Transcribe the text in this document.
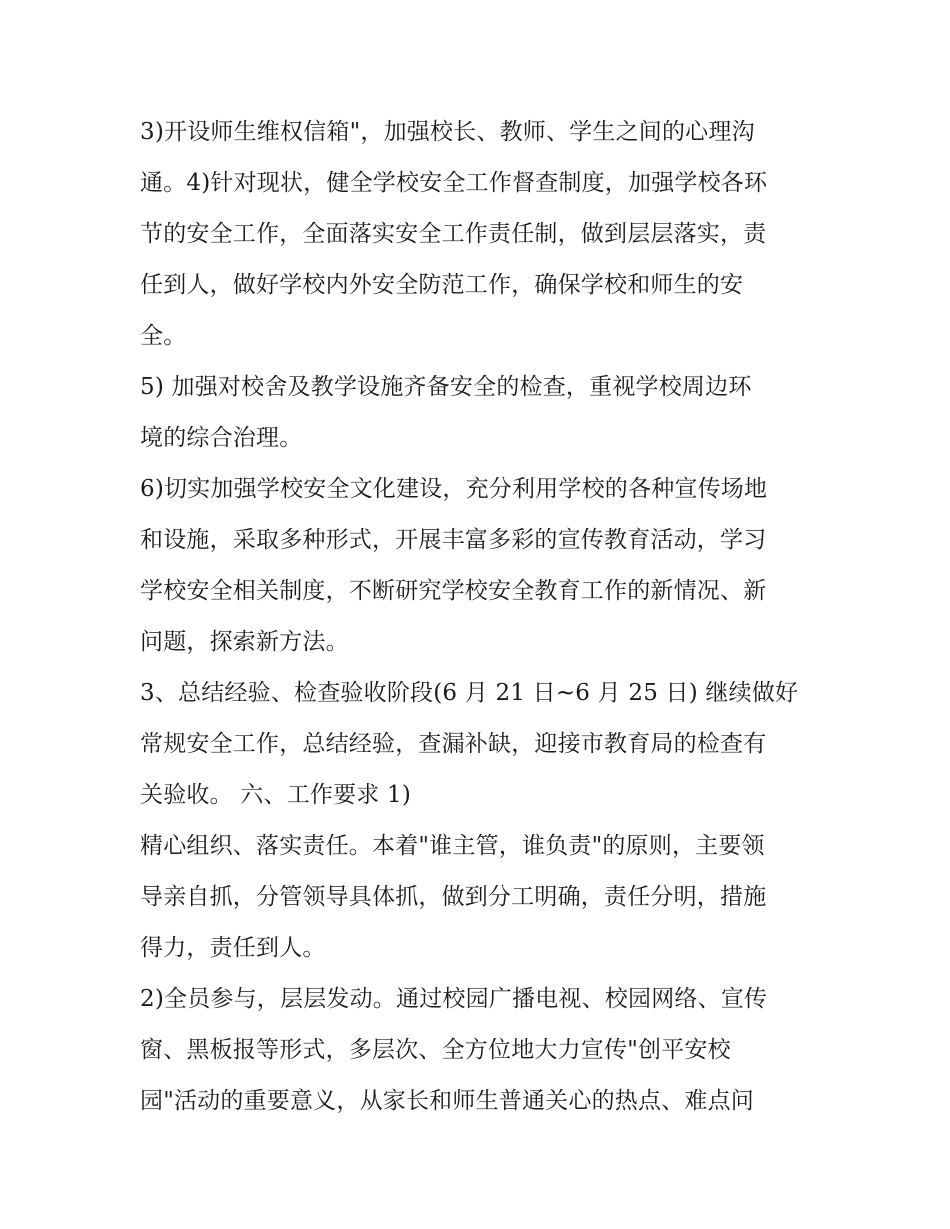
3)开设师生维权信箱"，加强校长、教师、学生之间的心理沟
通。4)针对现状，健全学校安全工作督查制度，加强学校各环
节的安全工作，全面落实安全工作责任制，做到层层落实，责
任到人，做好学校内外安全防范工作，确保学校和师生的安
全。
5) 加强对校舍及教学设施齐备安全的检查，重视学校周边环
境的综合治理。
6)切实加强学校安全文化建设，充分利用学校的各种宣传场地
和设施，采取多种形式，开展丰富多彩的宣传教育活动，学习
学校安全相关制度，不断研究学校安全教育工作的新情况、新
问题，探索新方法。
3、总结经验、检查验收阶段(6 月 21 日~6 月 25 日) 继续做好
常规安全工作，总结经验，查漏补缺，迎接市教育局的检查有
关验收。 六、工作要求 1)
精心组织、落实责任。本着"谁主管，谁负责"的原则，主要领
导亲自抓，分管领导具体抓，做到分工明确，责任分明，措施
得力，责任到人。
2)全员参与，层层发动。通过校园广播电视、校园网络、宣传
窗、黑板报等形式，多层次、全方位地大力宣传"创平安校
园"活动的重要意义，从家长和师生普通关心的热点、难点问
